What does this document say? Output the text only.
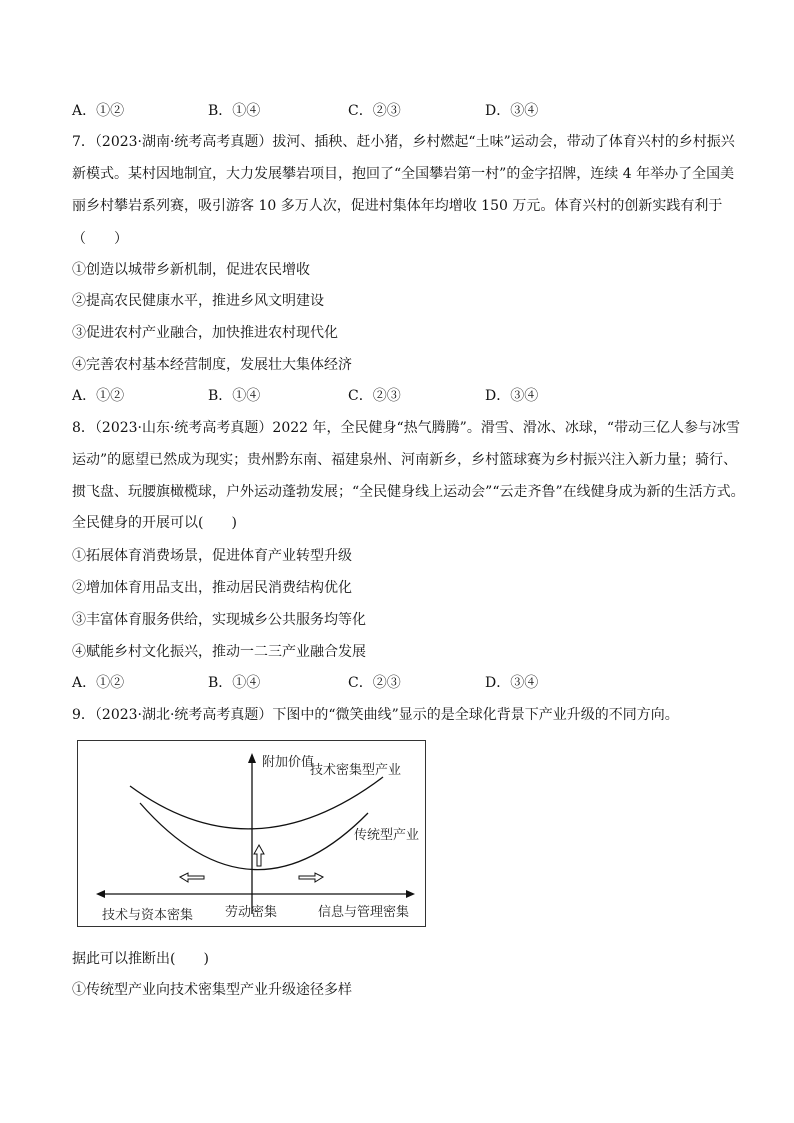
A．①②	B．①④	C．②③	D．③④
7．（2023·湖南·统考高考真题）拔河、插秧、赶小猪，乡村燃起“土味”运动会，带动了体育兴村的乡村振兴
新模式。某村因地制宜，大力发展攀岩项目，抱回了“全国攀岩第一村”的金字招牌，连续 4 年举办了全国美
丽乡村攀岩系列赛，吸引游客 10 多万人次，促进村集体年均增收 150 万元。体育兴村的创新实践有利于
（　　）
①创造以城带乡新机制，促进农民增收
②提高农民健康水平，推进乡风文明建设
③促进农村产业融合，加快推进农村现代化
④完善农村基本经营制度，发展壮大集体经济
A．①②	B．①④	C．②③	D．③④
8．（2023·山东·统考高考真题）2022 年，全民健身“热气腾腾”。滑雪、滑冰、冰球，“带动三亿人参与冰雪
运动”的愿望已然成为现实；贵州黔东南、福建泉州、河南新乡，乡村篮球赛为乡村振兴注入新力量；骑行、
掼飞盘、玩腰旗橄榄球，户外运动蓬勃发展；“全民健身线上运动会”“云走齐鲁”在线健身成为新的生活方式。
全民健身的开展可以(　　)
①拓展体育消费场景，促进体育产业转型升级
②增加体育用品支出，推动居民消费结构优化
③丰富体育服务供给，实现城乡公共服务均等化
④赋能乡村文化振兴，推动一二三产业融合发展
A．①②	B．①④	C．②③	D．③④
9．（2023·湖北·统考高考真题）下图中的“微笑曲线”显示的是全球化背景下产业升级的不同方向。
附加价值
技术密集型产业
传统型产业
技术与资本密集 劳动密集	信息与管理密集
据此可以推断出(　　)
①传统型产业向技术密集型产业升级途径多样
